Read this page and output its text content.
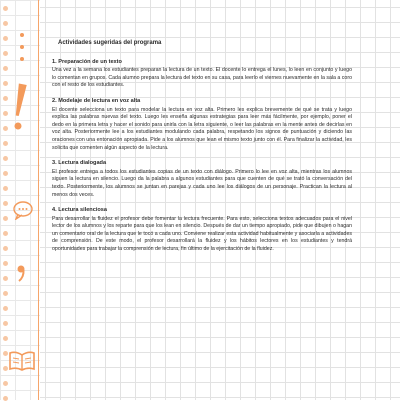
Actividades sugeridas del programa
1. Preparación de un texto

Una vez a la semana los estudiantes preparan la lectura de un texto. El docente lo entrega el lunes, lo leen en conjunto y luego lo comentan en grupos. Cada alumno prepara la lectura del texto en su casa, para leerlo el viernes nuevamente en la sala a coro con el resto de los estudiantes.

2. Modelaje de lectura en voz alta

El docente selecciona un texto para modelar la lectura en voz alta. Primero les explica brevemente de qué se trata y luego explica las palabras nuevas del texto. Luego les enseña algunas estrategias para leer más fácilmente, por ejemplo, poner el dedo en la primera letra y hacer el sonido para unirla con la letra siguiente, o leer las palabras en la mente antes de decirlas en voz alta. Posteriormente lee a los estudiantes modulando cada palabra, respetando los signos de puntuación y diciendo las oraciones con una entonación apropiada. Pide a los alumnos que lean el mismo texto junto con él. Para finalizar la actividad, les solicita que comenten algún aspecto de la lectura.

3. Lectura dialogada

El profesor entrega a todos los estudiantes copias de un texto con diálogo. Primero lo lee en voz alta, mientras los alumnos siguen la lectura en silencio. Luego da la palabra a algunos estudiantes para que cuenten de qué se trató la conversación del texto. Posteriormente, los alumnos se juntan en parejas y cada uno lee los diálogos de un personaje. Practican la lectura al menos dos veces.

4. Lectura silenciosa

Para desarrollar la fluidez el profesor debe fomentar la lectura frecuente. Para esto, selecciona textos adecuados para el nivel lector de los alumnos y los reparte para que los lean en silencio. Después de dar un tiempo apropiado, pide que dibujen o hagan un comentario oral de la lectura que le tocó a cada uno. Conviene realizar esta actividad habitualmente y asociarla a actividades de comprensión. De este modo, el profesor desarrollará la fluidez y los hábitos lectores en los estudiantes y tendrá oportunidades para trabajar la comprensión de lectura, fin último de la ejercitación de la fluidez.
